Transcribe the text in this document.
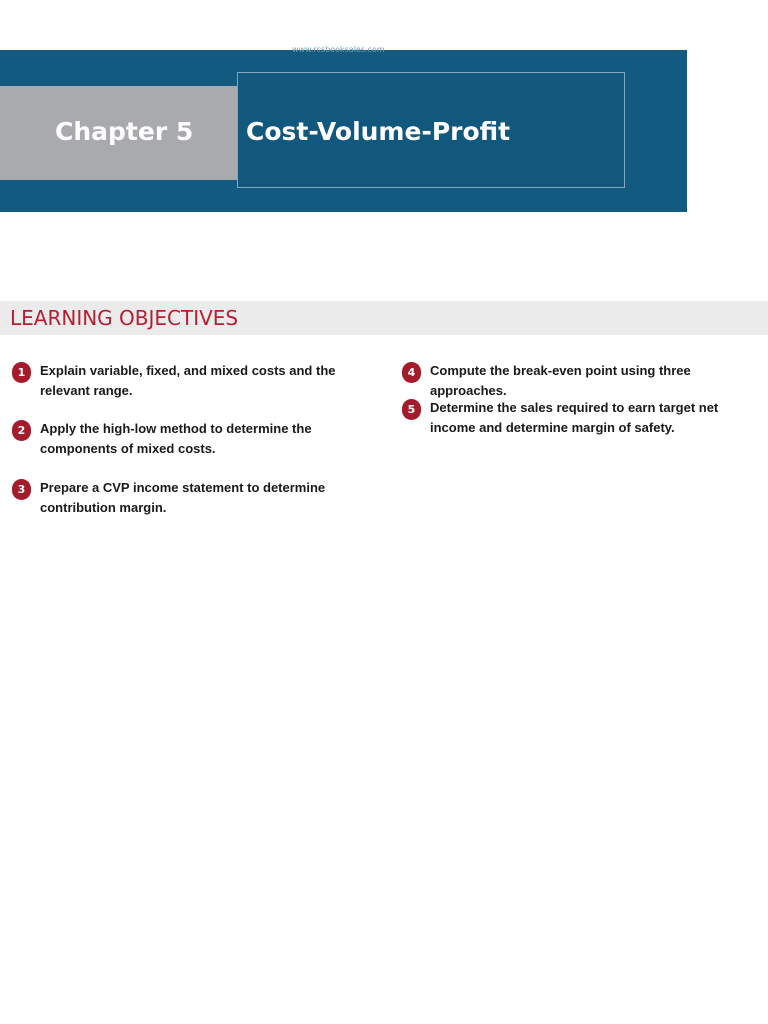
www.rcsbooksales.com
Chapter 5 Cost-Volume-Profit
LEARNING OBJECTIVES
1	Explain variable, fixed, and mixed costs and the relevant range.
2	Apply the high-low method to determine the components of mixed costs.
3	Prepare a CVP income statement to determine contribution margin.
4	Compute the break-even point using three approaches.
5	Determine the sales required to earn target net income and determine margin of safety.
